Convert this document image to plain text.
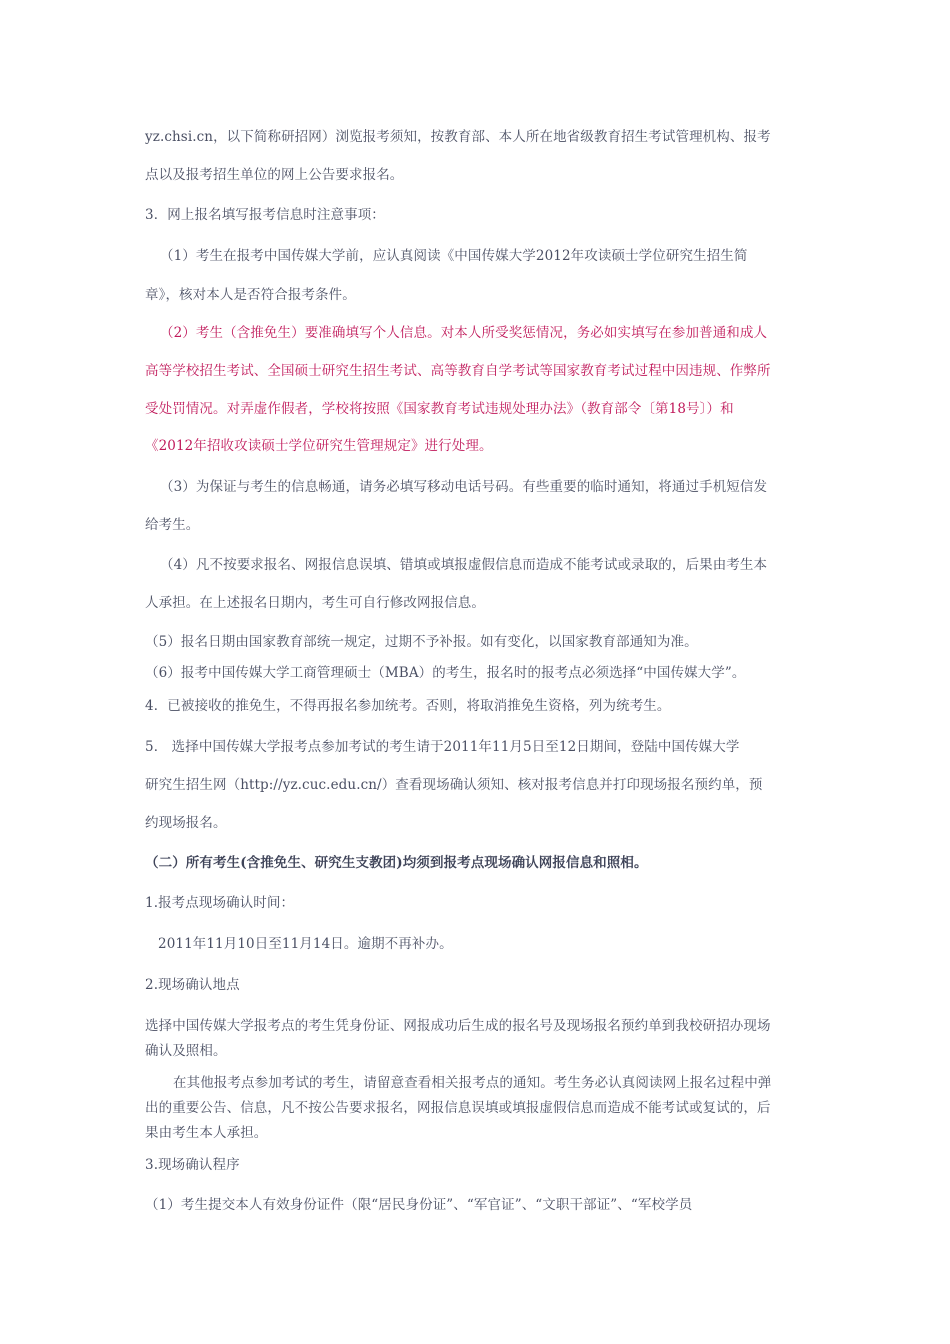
yz.chsi.cn，以下简称研招网）浏览报考须知，按教育部、本人所在地省级教育招生考试管理机构、报考

点以及报考招生单位的网上公告要求报名。

3．网上报名填写报考信息时注意事项：

（1）考生在报考中国传媒大学前，应认真阅读《中国传媒大学2012年攻读硕士学位研究生招生简

章》，核对本人是否符合报考条件。

（2）考生（含推免生）要准确填写个人信息。对本人所受奖惩情况，务必如实填写在参加普通和成人

高等学校招生考试、全国硕士研究生招生考试、高等教育自学考试等国家教育考试过程中因违规、作弊所

受处罚情况。对弄虚作假者，学校将按照《国家教育考试违规处理办法》（教育部令〔第18号〕）和

《2012年招收攻读硕士学位研究生管理规定》进行处理。

（3）为保证与考生的信息畅通，请务必填写移动电话号码。有些重要的临时通知，将通过手机短信发

给考生。

（4）凡不按要求报名、网报信息误填、错填或填报虚假信息而造成不能考试或录取的，后果由考生本

人承担。在上述报名日期内，考生可自行修改网报信息。

（5）报名日期由国家教育部统一规定，过期不予补报。如有变化，以国家教育部通知为准。

（6）报考中国传媒大学工商管理硕士（MBA）的考生，报名时的报考点必须选择“中国传媒大学”。

4．已被接收的推免生，不得再报名参加统考。否则，将取消推免生资格，列为统考生。

5． 选择中国传媒大学报考点参加考试的考生请于2011年11月5日至12日期间，登陆中国传媒大学

研究生招生网（http://yz.cuc.edu.cn/）查看现场确认须知、核对报考信息并打印现场报名预约单，预

约现场报名。

（二）所有考生(含推免生、研究生支教团)均须到报考点现场确认网报信息和照相。

1.报考点现场确认时间：

2011年11月10日至11月14日。逾期不再补办。

2.现场确认地点

选择中国传媒大学报考点的考生凭身份证、网报成功后生成的报名号及现场报名预约单到我校研招办现场

确认及照相。

在其他报考点参加考试的考生，请留意查看相关报考点的通知。考生务必认真阅读网上报名过程中弹

出的重要公告、信息，凡不按公告要求报名，网报信息误填或填报虚假信息而造成不能考试或复试的，后

果由考生本人承担。

3.现场确认程序

（1）考生提交本人有效身份证件（限“居民身份证”、“军官证”、“文职干部证”、“军校学员
